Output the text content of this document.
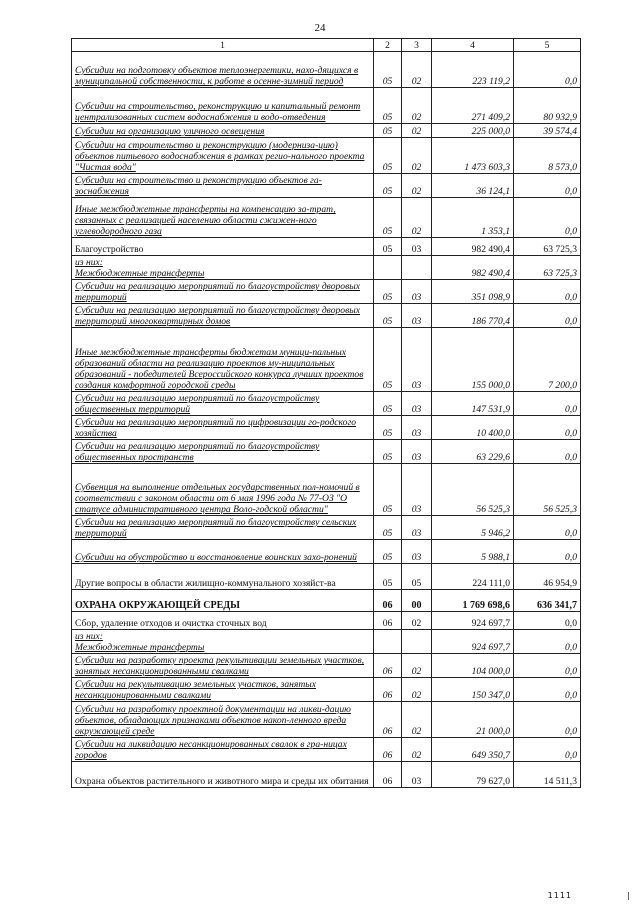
24
1	2	3	4	5
Субсидии на подготовку объектов теплоэнергетики, нахо-дящихся в муниципальной собственности, к работе в осенне-зимний период	05	02	223 119,2	0,0
Субсидии на строительство, реконструкцию и капитальный ремонт централизованных систем водоснабжения и водо-отведения	05	02	271 409,2	80 932,9
Субсидии на организацию уличного освещения	05	02	225 000,0	39 574,4
Субсидии на строительство и реконструкцию (модерниза-цию) объектов питьевого водоснабжения в рамках регио-нального проекта "Чистая вода"	05	02	1 473 603,3	8 573,0
Субсидии на строительство и реконструкцию объектов га-зоснабжения	05	02	36 124,1	0,0
Иные межбюджетные трансферты на компенсацию за-трат, связанных с реализацией населению области сжижен-ного углеводородного газа	05	02	1 353,1	0,0
Благоустройство	05	03	982 490,4	63 725,3
из них:
Межбюджетные трансферты			982 490,4	63 725,3
Субсидии на реализацию мероприятий по благоустройству дворовых территорий	05	03	351 098,9	0,0
Субсидии на реализацию мероприятий по благоустройству дворовых территорий многоквартирных домов	05	03	186 770,4	0,0
Иные межбюджетные трансферты бюджетам муници-пальных образований области на реализацию проектов му-ниципальных образований - победителей Всероссийского конкурса лучших проектов создания комфортной городской среды	05	03	155 000,0	7 200,0
Субсидии на реализацию мероприятий по благоустройству общественных территорий	05	03	147 531,9	0,0
Субсидии на реализацию мероприятий по цифровизации го-родского хозяйства	05	03	10 400,0	0,0
Субсидии на реализацию мероприятий по благоустройству общественных пространств	05	03	63 229,6	0,0
Субвенция на выполнение отдельных государственных пол-номочий в соответствии с законом области от 6 мая 1996 года № 77-ОЗ "О статусе административного центра Воло-годской области"	05	03	56 525,3	56 525,3
Субсидии на реализацию мероприятий по благоустройству сельских территорий	05	03	5 946,2	0,0
Субсидии на обустройство и восстановление воинских захо-ронений	05	03	5 988,1	0,0
Другие вопросы в области жилищно-коммунального хозяйст-ва	05	05	224 111,0	46 954,9
ОХРАНА ОКРУЖАЮЩЕЙ СРЕДЫ	06	00	1 769 698,6	636 341,7
Сбор, удаление отходов и очистка сточных вод	06	02	924 697,7	0,0
из них:
Межбюджетные трансферты			924 697,7	0,0
Субсидии на разработку проекта рекультивации земельных участков, занятых несанкционированными свалками	06	02	104 000,0	0,0
Субсидии на рекультивацию земельных участков, занятых несанкционированными свалками	06	02	150 347,0	0,0
Субсидии на разработку проектной документации на ликви-дацию объектов, обладающих признаками объектов накоп-ленного вреда окружающей среде	06	02	21 000,0	0,0
Субсидии на ликвидацию несанкционированных свалок в гра-ницах городов	06	02	649 350,7	0,0
Охрана объектов растительного и животного мира и среды их обитания	06	03	79 627,0	14 511,3
1111	|
